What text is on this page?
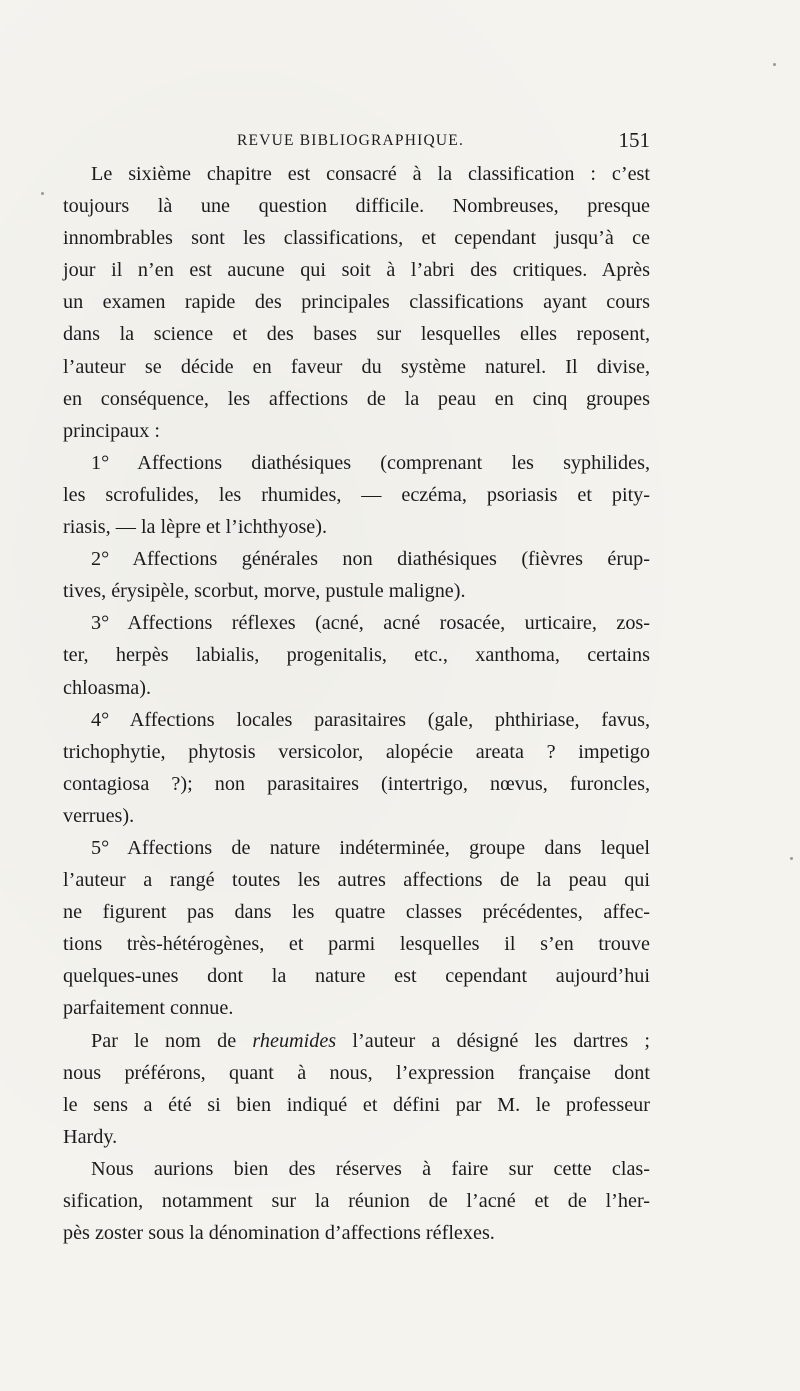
REVUE BIBLIOGRAPHIQUE.	151
Le sixième chapitre est consacré à la classification : c’est
toujours là une question difficile. Nombreuses, presque
innombrables sont les classifications, et cependant jusqu’à ce
jour il n’en est aucune qui soit à l’abri des critiques. Après
un examen rapide des principales classifications ayant cours
dans la science et des bases sur lesquelles elles reposent,
l’auteur se décide en faveur du système naturel. Il divise,
en conséquence, les affections de la peau en cinq groupes
principaux :
1° Affections diathésiques (comprenant les syphilides,
les scrofulides, les rhumides, — eczéma, psoriasis et pity-
riasis, — la lèpre et l’ichthyose).
2° Affections générales non diathésiques (fièvres érup-
tives, érysipèle, scorbut, morve, pustule maligne).
3° Affections réflexes (acné, acné rosacée, urticaire, zos-
ter, herpès labialis, progenitalis, etc., xanthoma, certains
chloasma).
4° Affections locales parasitaires (gale, phthiriase, favus,
trichophytie, phytosis versicolor, alopécie areata ? impetigo
contagiosa ?); non parasitaires (intertrigo, nœvus, furoncles,
verrues).
5° Affections de nature indéterminée, groupe dans lequel
l’auteur a rangé toutes les autres affections de la peau qui
ne figurent pas dans les quatre classes précédentes, affec-
tions très-hétérogènes, et parmi lesquelles il s’en trouve
quelques-unes dont la nature est cependant aujourd’hui
parfaitement connue.
Par le nom de rheumides l’auteur a désigné les dartres ;
nous préférons, quant à nous, l’expression française dont
le sens a été si bien indiqué et défini par M. le professeur
Hardy.
Nous aurions bien des réserves à faire sur cette clas-
sification, notamment sur la réunion de l’acné et de l’her-
pès zoster sous la dénomination d’affections réflexes.
